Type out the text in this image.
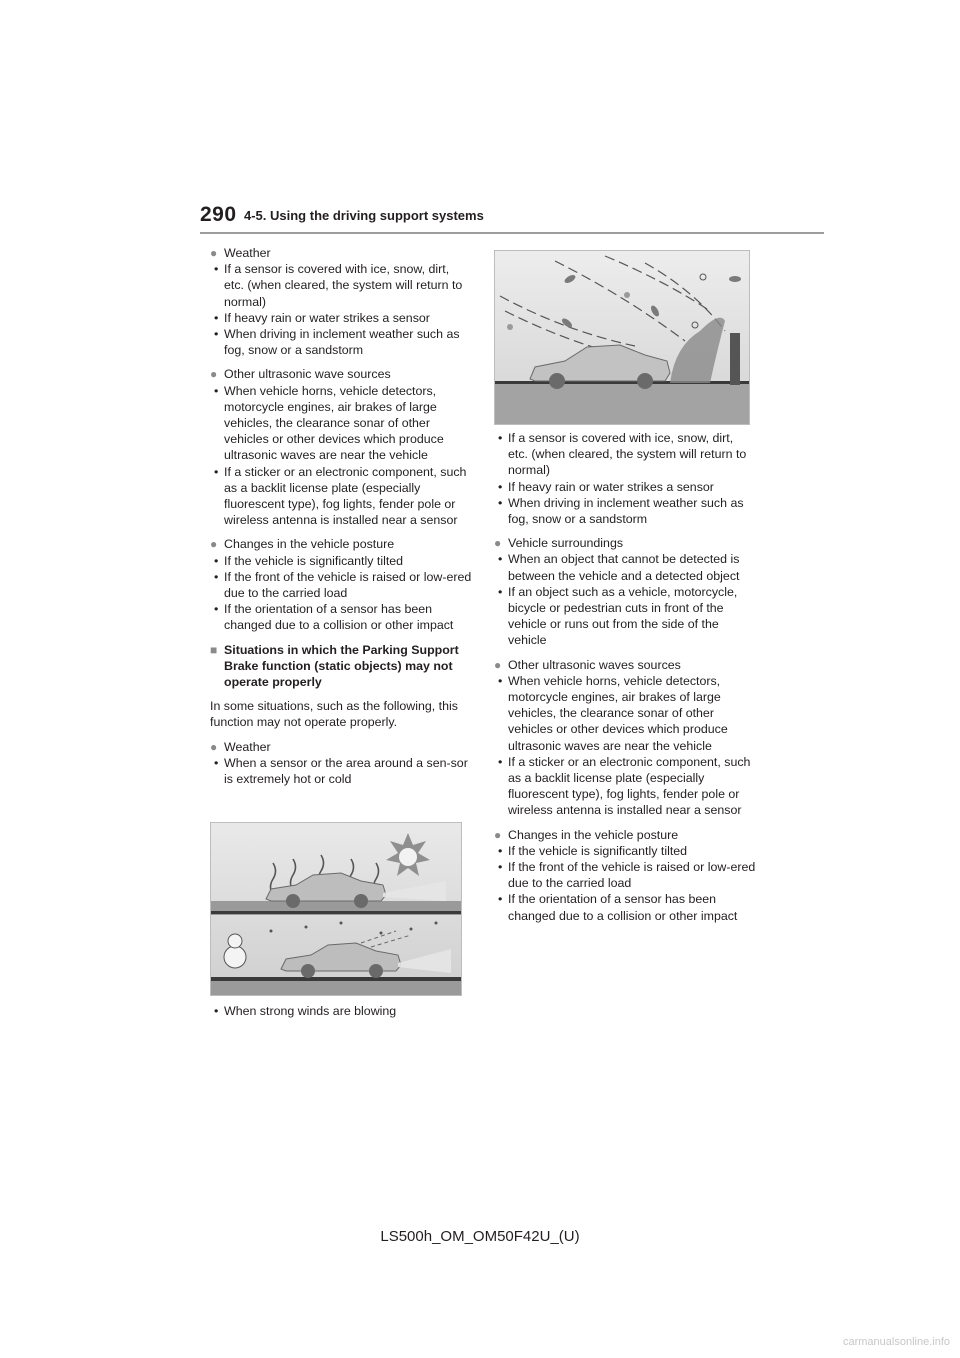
290 4-5. Using the driving support systems
● Weather
• If a sensor is covered with ice, snow, dirt, etc. (when cleared, the system will return to normal)
• If heavy rain or water strikes a sensor
• When driving in inclement weather such as fog, snow or a sandstorm
● Other ultrasonic wave sources
• When vehicle horns, vehicle detectors, motorcycle engines, air brakes of large vehicles, the clearance sonar of other vehicles or other devices which produce ultrasonic waves are near the vehicle
• If a sticker or an electronic component, such as a backlit license plate (especially fluorescent type), fog lights, fender pole or wireless antenna is installed near a sensor
● Changes in the vehicle posture
• If the vehicle is significantly tilted
• If the front of the vehicle is raised or low-ered due to the carried load
• If the orientation of a sensor has been changed due to a collision or other impact
■ Situations in which the Parking Support Brake function (static objects) may not operate properly
In some situations, such as the following, this function may not operate properly.
● Weather
• When a sensor or the area around a sen-sor is extremely hot or cold
• When strong winds are blowing
• If a sensor is covered with ice, snow, dirt, etc. (when cleared, the system will return to normal)
• If heavy rain or water strikes a sensor
• When driving in inclement weather such as fog, snow or a sandstorm
● Vehicle surroundings
• When an object that cannot be detected is between the vehicle and a detected object
• If an object such as a vehicle, motorcycle, bicycle or pedestrian cuts in front of the vehicle or runs out from the side of the vehicle
● Other ultrasonic waves sources
• When vehicle horns, vehicle detectors, motorcycle engines, air brakes of large vehicles, the clearance sonar of other vehicles or other devices which produce ultrasonic waves are near the vehicle
• If a sticker or an electronic component, such as a backlit license plate (especially fluorescent type), fog lights, fender pole or wireless antenna is installed near a sensor
● Changes in the vehicle posture
• If the vehicle is significantly tilted
• If the front of the vehicle is raised or low-ered due to the carried load
• If the orientation of a sensor has been changed due to a collision or other impact
LS500h_OM_OM50F42U_(U)
carmanualsonline.info
